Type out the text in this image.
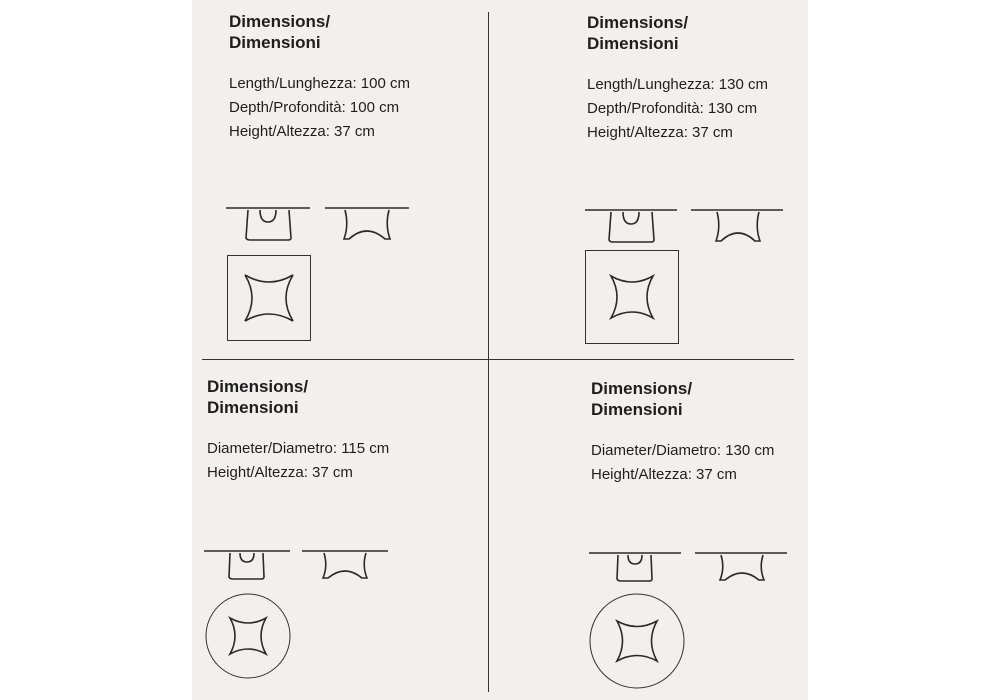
Dimensions/
Dimensioni

Length/Lunghezza: 100 cm
Depth/Profondità: 100 cm
Height/Altezza: 37 cm

Dimensions/
Dimensioni

Length/Lunghezza: 130 cm
Depth/Profondità: 130 cm
Height/Altezza: 37 cm

Dimensions/
Dimensioni

Diameter/Diametro: 115 cm
Height/Altezza: 37 cm

Dimensions/
Dimensioni

Diameter/Diametro: 130 cm
Height/Altezza: 37 cm
